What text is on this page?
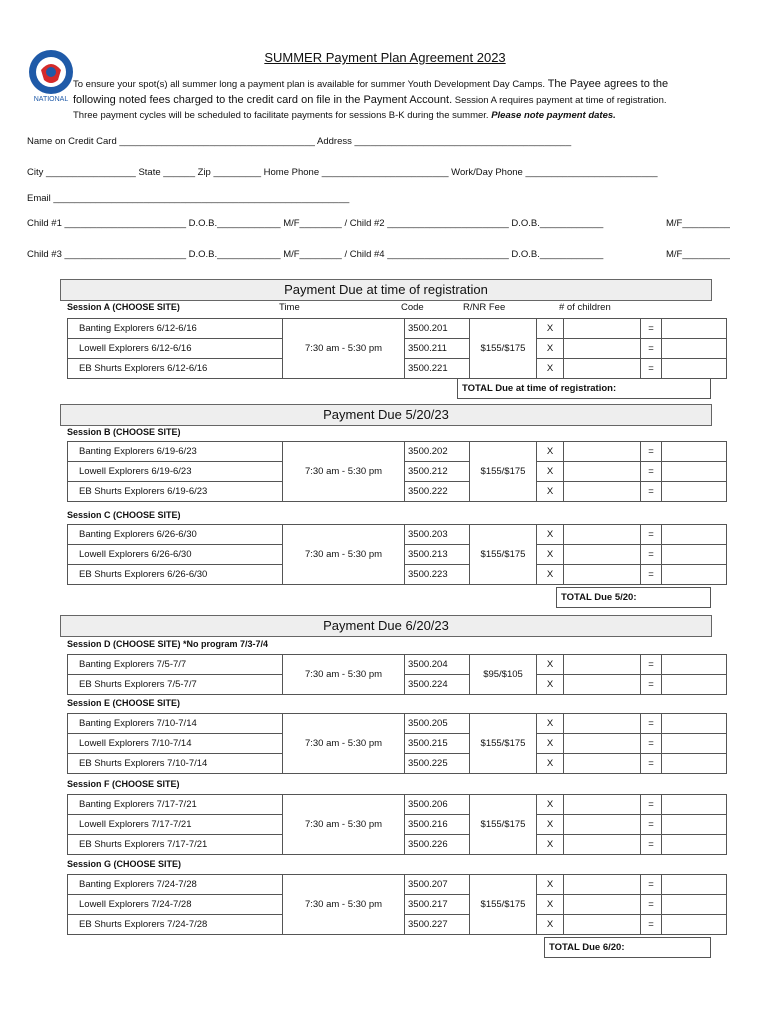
NATIONAL
SUMMER Payment Plan Agreement 2023
To ensure your spot(s) all summer long a payment plan is available for summer Youth Development Day Camps. The Payee agrees to the
following noted fees charged to the credit card on file in the Payment Account. Session A requires payment at time of registration.
Three payment cycles will be scheduled to facilitate payments for sessions B-K during the summer. Please note payment dates.
Name on Credit Card _____________________________________ Address _________________________________________
City _________________ State ______ Zip _________ Home Phone ________________________ Work/Day Phone _________________________
Email ________________________________________________________
Child #1 _______________________ D.O.B.____________ M/F________ / Child #2 _______________________ D.O.B.____________	M/F_________
Child #3 _______________________ D.O.B.____________ M/F________ / Child #4 _______________________ D.O.B.____________	M/F_________
Payment Due at time of registration
Session A (CHOOSE SITE)	Time	Code	R/NR Fee	# of children
Banting Explorers 6/12-6/16	7:30 am - 5:30 pm	3500.201	$155/$175	X		=	
Lowell Explorers 6/12-6/16		3500.211		X		=	
EB Shurts Explorers 6/12-6/16		3500.221		X		=	
TOTAL Due at time of registration:
Payment Due 5/20/23
Session B (CHOOSE SITE)
Banting Explorers 6/19-6/23	7:30 am - 5:30 pm	3500.202	$155/$175	X		=	
Lowell Explorers 6/19-6/23		3500.212		X		=	
EB Shurts Explorers 6/19-6/23		3500.222		X		=	
Session C (CHOOSE SITE)
Banting Explorers 6/26-6/30	7:30 am - 5:30 pm	3500.203	$155/$175	X		=	
Lowell Explorers 6/26-6/30		3500.213		X		=	
EB Shurts Explorers 6/26-6/30		3500.223		X		=	
TOTAL Due 5/20:
Payment Due 6/20/23
Session D (CHOOSE SITE) *No program 7/3-7/4
Banting Explorers 7/5-7/7	7:30 am - 5:30 pm	3500.204	$95/$105	X		=	
EB Shurts Explorers 7/5-7/7		3500.224		X		=	
Session E (CHOOSE SITE)
Banting Explorers 7/10-7/14	7:30 am - 5:30 pm	3500.205	$155/$175	X		=	
Lowell Explorers 7/10-7/14		3500.215		X		=	
EB Shurts Explorers 7/10-7/14		3500.225		X		=	
Session F (CHOOSE SITE)
Banting Explorers 7/17-7/21	7:30 am - 5:30 pm	3500.206	$155/$175	X		=	
Lowell Explorers 7/17-7/21		3500.216		X		=	
EB Shurts Explorers 7/17-7/21		3500.226		X		=	
Session G (CHOOSE SITE)
Banting Explorers 7/24-7/28	7:30 am - 5:30 pm	3500.207	$155/$175	X		=	
Lowell Explorers 7/24-7/28		3500.217		X		=	
EB Shurts Explorers 7/24-7/28		3500.227		X		=	
TOTAL Due 6/20:
